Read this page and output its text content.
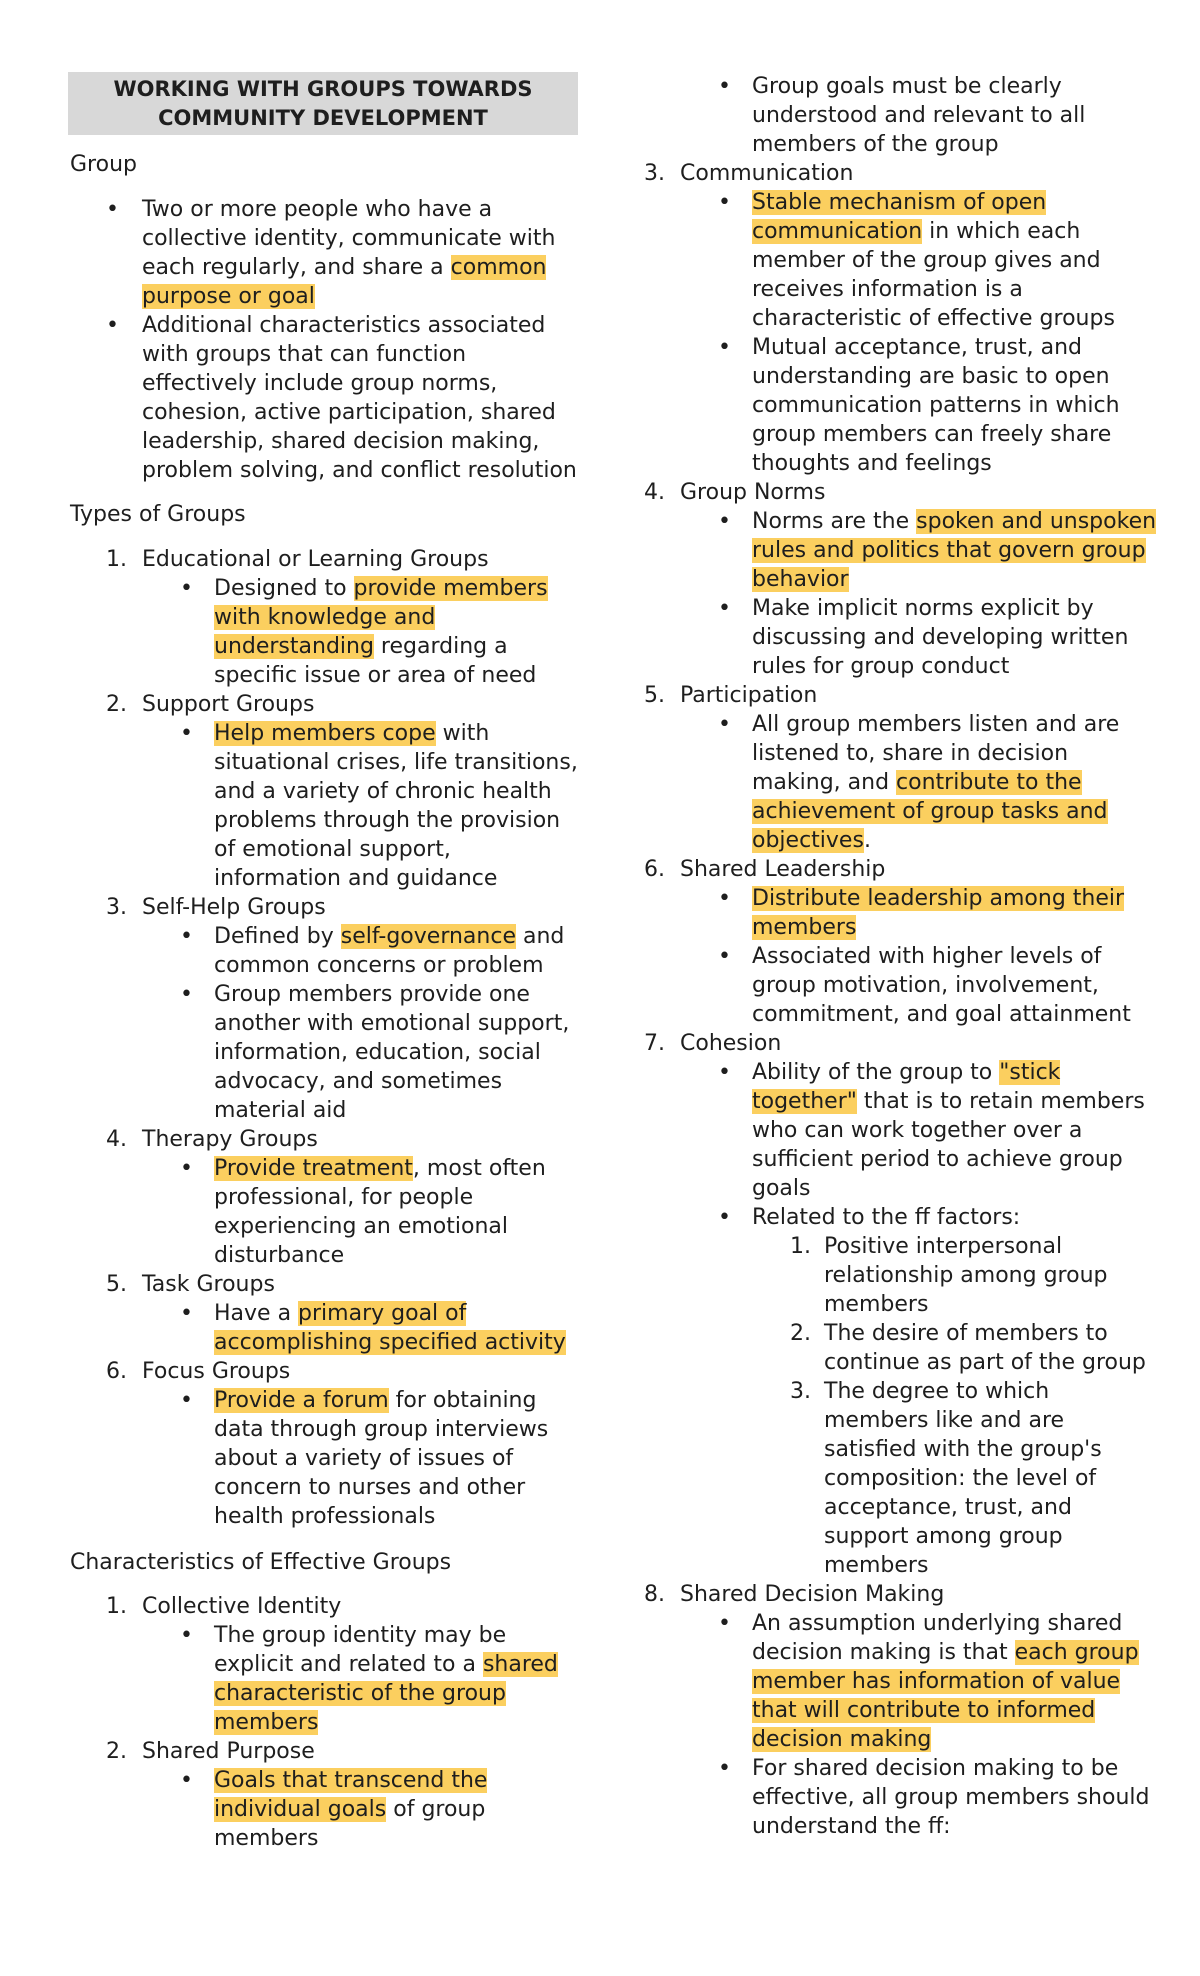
WORKING WITH GROUPS TOWARDS
COMMUNITY DEVELOPMENT
Group
• Two or more people who have a collective identity, communicate with each regularly, and share a common purpose or goal
• Additional characteristics associated with groups that can function effectively include group norms, cohesion, active participation, shared leadership, shared decision making, problem solving, and conflict resolution
Types of Groups
1. Educational or Learning Groups
• Designed to provide members with knowledge and understanding regarding a specific issue or area of need
2. Support Groups
• Help members cope with situational crises, life transitions, and a variety of chronic health problems through the provision of emotional support, information and guidance
3. Self-Help Groups
• Defined by self-governance and common concerns or problem
• Group members provide one another with emotional support, information, education, social advocacy, and sometimes material aid
4. Therapy Groups
• Provide treatment, most often professional, for people experiencing an emotional disturbance
5. Task Groups
• Have a primary goal of accomplishing specified activity
6. Focus Groups
• Provide a forum for obtaining data through group interviews about a variety of issues of concern to nurses and other health professionals
Characteristics of Effective Groups
1. Collective Identity
• The group identity may be explicit and related to a shared characteristic of the group members
2. Shared Purpose
• Goals that transcend the individual goals of group members
• Group goals must be clearly understood and relevant to all members of the group
3. Communication
• Stable mechanism of open communication in which each member of the group gives and receives information is a characteristic of effective groups
• Mutual acceptance, trust, and understanding are basic to open communication patterns in which group members can freely share thoughts and feelings
4. Group Norms
• Norms are the spoken and unspoken rules and politics that govern group behavior
• Make implicit norms explicit by discussing and developing written rules for group conduct
5. Participation
• All group members listen and are listened to, share in decision making, and contribute to the achievement of group tasks and objectives.
6. Shared Leadership
• Distribute leadership among their members
• Associated with higher levels of group motivation, involvement, commitment, and goal attainment
7. Cohesion
• Ability of the group to "stick together" that is to retain members who can work together over a sufficient period to achieve group goals
• Related to the ff factors:
1. Positive interpersonal relationship among group members
2. The desire of members to continue as part of the group
3. The degree to which members like and are satisfied with the group's composition: the level of acceptance, trust, and support among group members
8. Shared Decision Making
• An assumption underlying shared decision making is that each group member has information of value that will contribute to informed decision making
• For shared decision making to be effective, all group members should understand the ff:
